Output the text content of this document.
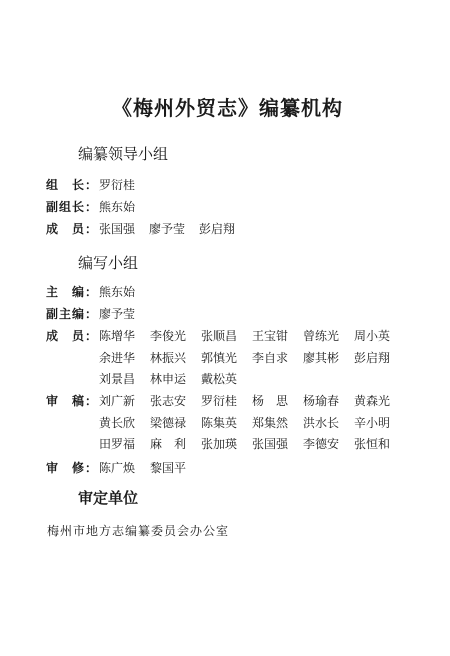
《梅州外贸志》编纂机构
编纂领导小组
组　长： 罗衍桂
副组长： 熊东始
成　员： 张国强 廖予莹 彭启翔
编写小组
主　编： 熊东始
副主编： 廖予莹
成　员： 陈增华 李俊光 张顺昌 王宝钳 曾练光 周小英
余进华 林振兴 郭慎光 李自求 廖其彬 彭启翔
刘景昌 林申运 戴松英
审　稿： 刘广新 张志安 罗衍桂 杨　思 杨瑜春 黄森光
黄长欣 梁德禄 陈集英 郑集然 洪水长 辛小明
田罗福 麻　利 张加瑛 张国强 李德安 张恒和
审　修： 陈广焕 黎国平
审定单位
梅州市地方志编纂委员会办公室
